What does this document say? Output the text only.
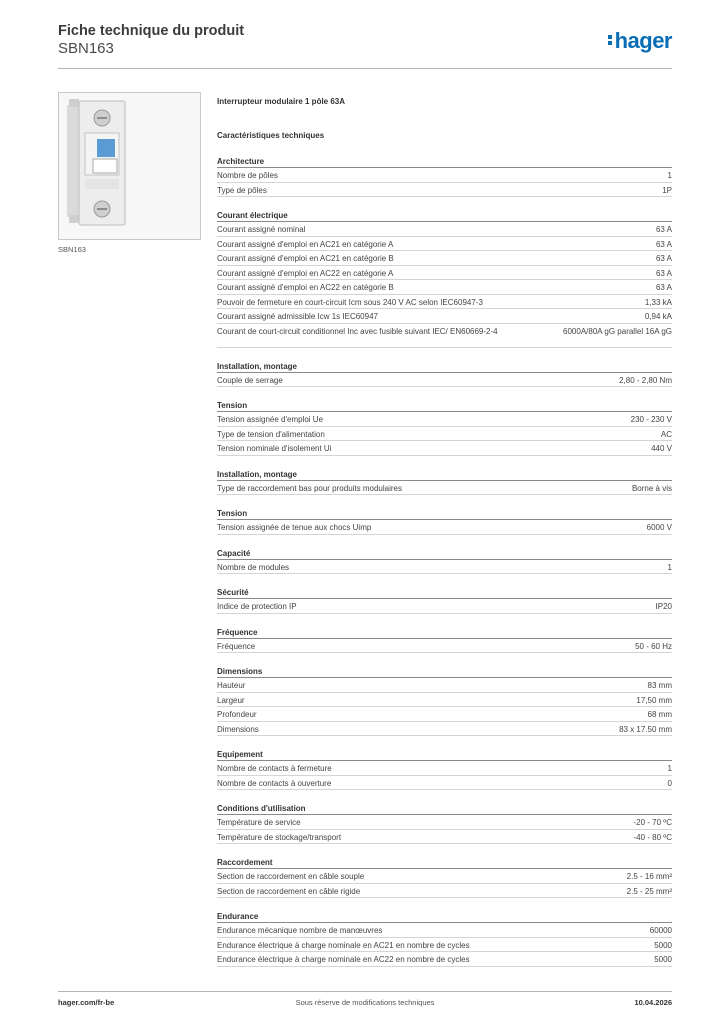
Fiche technique du produit
SBN163	hager
SBN163
Interrupteur modulaire 1 pôle 63A
Caractéristiques techniques
Architecture
Nombre de pôles	1
Type de pôles	1P
Courant électrique
Courant assigné nominal	63 A
Courant assigné d'emploi en AC21 en catégorie A	63 A
Courant assigné d'emploi en AC21 en catégorie B	63 A
Courant assigné d'emploi en AC22 en catégorie A	63 A
Courant assigné d'emploi en AC22 en catégorie B	63 A
Pouvoir de fermeture en court-circuit Icm sous 240 V AC selon IEC60947-3	1,33 kA
Courant assigné admissible Icw 1s IEC60947	0,94 kA
Courant de court-circuit conditionnel Inc avec fusible suivant IEC/ EN60669-2-4	6000A/80A gG parallel 16A gG
Installation, montage
Couple de serrage	2,80 - 2,80 Nm
Tension
Tension assignée d'emploi Ue	230 - 230 V
Type de tension d'alimentation	AC
Tension nominale d'isolement Ui	440 V
Installation, montage
Type de raccordement bas pour produits modulaires	Borne à vis
Tension
Tension assignée de tenue aux chocs Uimp	6000 V
Capacité
Nombre de modules	1
Sécurité
Indice de protection IP	IP20
Fréquence
Fréquence	50 - 60 Hz
Dimensions
Hauteur	83 mm
Largeur	17,50 mm
Profondeur	68 mm
Dimensions	83 x 17.50 mm
Equipement
Nombre de contacts à fermeture	1
Nombre de contacts à ouverture	0
Conditions d'utilisation
Température de service	-20 - 70 ºC
Température de stockage/transport	-40 - 80 ºC
Raccordement
Section de raccordement en câble souple	2.5 - 16 mm²
Section de raccordement en câble rigide	2.5 - 25 mm²
Endurance
Endurance mécanique nombre de manœuvres	60000
Endurance électrique à charge nominale en AC21 en nombre de cycles	5000
Endurance électrique à charge nominale en AC22 en nombre de cycles	5000
hager.com/fr-be	Sous réserve de modifications techniques	10.04.2026
